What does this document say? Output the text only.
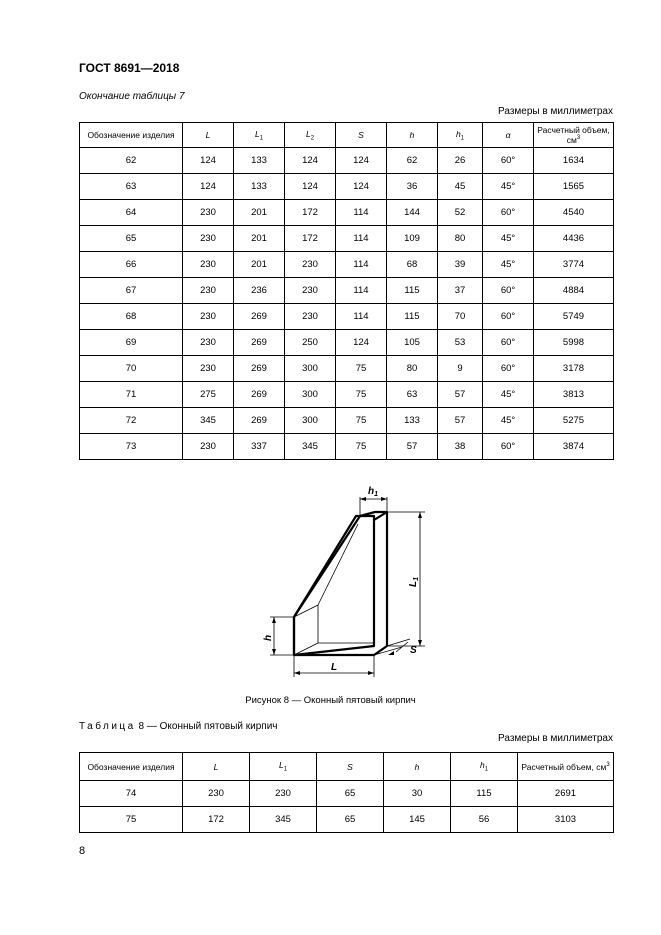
ГОСТ 8691—2018
Окончание таблицы 7
Размеры в миллиметрах
Обозначение изделия	L	$L_1$	$L_2$	S	h	$h_1$	α	Расчетный объем, $см^3$
62	124	133	124	124	62	26	60°	1634
63	124	133	124	124	36	45	45°	1565
64	230	201	172	114	144	52	60°	4540
65	230	201	172	114	109	80	45°	4436
66	230	201	230	114	68	39	45°	3774
67	230	236	230	114	115	37	60°	4884
68	230	269	230	114	115	70	60°	5749
69	230	269	250	124	105	53	60°	5998
70	230	269	300	75	80	9	60°	3178
71	275	269	300	75	63	57	45°	3813
72	345	269	300	75	133	57	45°	5275
73	230	337	345	75	57	38	60°	3874
$h_1$
$L_1$
h
L
S
Рисунок 8 — Оконный пятовый кирпич
Таблица 8 — Оконный пятовый кирпич
Размеры в миллиметрах
Обозначение изделия	L	$L_1$	S	h	$h_1$	Расчетный объем, $см^3$
74	230	230	65	30	115	2691
75	172	345	65	145	56	3103
8
